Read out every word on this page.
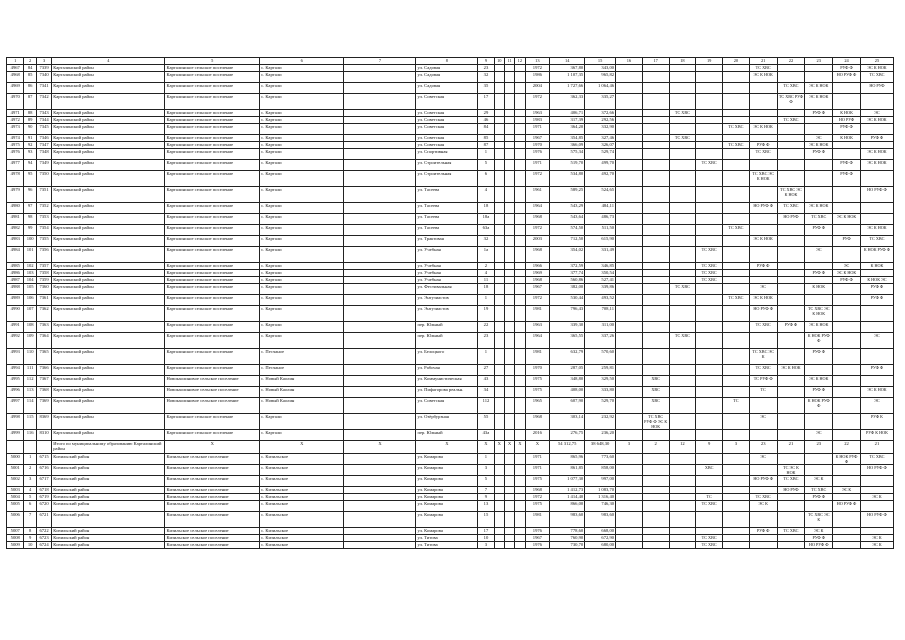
1	2	3	4	5	6	7	8	9	10	11	12	13	14	15	16	17	18	19	20	21	22	23	24	25
4967	84	7339	Карталинский район	Карталинское сельское поселение	с. Картали		ул. Садовая	23				1972	367,80	343,00						ТС ХВС			РУФ Ф	ЭС К НОК
4968	85	7340	Карталинский район	Карталинское сельское поселение	с. Картали		ул. Садовая	32				1986	1 107,35	965,82						ЭС К НОК			НО РУФ Ф	ТС ХВС
4969	86	7341	Карталинский район	Карталинское сельское поселение	с. Картали		ул. Садовая	35				2004	1 727,66	1 064,46							ТС ХВС	ЭС К НОК		НО РУФ
4970	87	7342	Карталинский район	Карталинское сельское поселение	с. Картали		ул. Советская	17				1972	362,33	335,27							ТС ХВС РУФ Ф	ЭС К НОК		
4971	88	7343	Карталинский район	Карталинское сельское поселение	с. Картали		ул. Советская	29				1963	406,71	372,66			ТС ХВС					РУФ Ф	К НОК	ЭС
4972	89	7344	Карталинский район	Карталинское сельское поселение	с. Картали		ул. Советская	46				1983	317,39	292,56							ТС ХВС		НО РУФ	ЭС К НОК
4973	90	7345	Карталинский район	Карталинское сельское поселение	с. Картали		ул. Советская	84				1971	364,20	332,90					ТС ХВС	ЭС К НОК			РУФ Ф	
4974	91	7346	Карталинский район	Карталинское сельское поселение	с. Картали		ул. Советская	85				1967	354,85	327,46			ТС ХВС					ЭС	К НОК	РУФ Ф
4975	92	7347	Карталинский район	Карталинское сельское поселение	с. Картали		ул. Советская	87				1970	366,09	326,07					ТС ХВС	РУФ Ф		ЭС К НОК		
4976	93	7348	Карталинский район	Карталинское сельское поселение	с. Картали		ул. Спортивная	1				1976	575,34	529,74						ТС ХВС		РУФ Ф		ЭС К НОК
4977	94	7349	Карталинский район	Карталинское сельское поселение	с. Картали		ул. Строительная	5				1971	519,70	499,70				ТС ХВС					РУФ Ф	ЭС К НОК
4978	95	7350	Карталинский район	Карталинское сельское поселение	с. Картали		ул. Строительная	6				1972	534,80	492,70						ТС ХВС ЭС К НОК			РУФ Ф	
4979	96	7351	Карталинский район	Карталинское сельское поселение	с. Картали		ул. Тасеева	4				1961	589,25	524,65							ТС ХВС ЭС К НОК			НО РУФ Ф
4980	97	7352	Карталинский район	Карталинское сельское поселение	с. Картали		ул. Тасеева	18				1964	543,29	484,11						НО РУФ Ф	ТС ХВС	ЭС К НОК		
4981	98	7353	Карталинский район	Карталинское сельское поселение	с. Картали		ул. Тасеева	18а				1968	543,64	486,73							НО РУФ	ТС ХВС	ЭС К НОК	
4982	99	7354	Карталинский район	Карталинское сельское поселение	с. Картали		ул. Тасеева	63а				1972	574,50	511,50					ТС ХВС			РУФ Ф		ЭС К НОК
4983	100	7355	Карталинский район	Карталинское сельское поселение	с. Картали		ул. Трактовая	32				2003	712,50	615,90						ЭС К НОК			РУФ	ТС ХВС
4984	101	7356	Карталинский район	Карталинское сельское поселение	с. Картали		ул. Учебная	1а				1968	354,02	331,49				ТС ХВС				ЭС		К НОК РУФ Ф
4985	102	7357	Карталинский район	Карталинское сельское поселение	с. Картали		ул. Учебная	2				1966	372,59	346,85				ТС ХВС		РУФ Ф			ЭС	К НОК
4986	103	7358	Карталинский район	Карталинское сельское поселение	с. Картали		ул. Учебная	4				1969	377,74	350,54				ТС ХВС				РУФ Ф	ЭС К НОК	
4987	104	7359	Карталинский район	Карталинское сельское поселение	с. Картали		ул. Учебная	11				1968	560,86	527,41				ТС ХВС					РУФ Ф	К НОК ЭС
4988	105	7360	Карталинский район	Карталинское сельское поселение	с. Картали		ул. Фестивальная	18				1967	382,00	339,86			ТС ХВС			ЭС		К НОК		РУФ Ф
4989	106	7361	Карталинский район	Карталинское сельское поселение	с. Картали		ул. Энтузиастов	1				1972	530,44	493,52					ТС ХВС	ЭС К НОК				РУФ Ф
4990	107	7362	Карталинский район	Карталинское сельское поселение	с. Картали		ул. Энтузиастов	19				1981	796,43	708,11						НО РУФ Ф		ТС ХВС ЭС К НОК		
4991	108	7363	Карталинский район	Карталинское сельское поселение	с. Картали		пер. Южный	22				1963	339,30	311,00						ТС ХВС	РУФ Ф	ЭС К НОК		
4992	109	7364	Карталинский район	Карталинское сельское поселение	с. Картали		пер. Южный	23				1964	365,55	337,26			ТС ХВС					К НОК РУФ Ф		ЭС
4993	110	7365	Карталинский район	Карталинское сельское поселение	с. Песчаное		ул. Белоцкого	1				1981	632,79	570,60						ТС ХВС ЭС К		РУФ Ф		
4994	111	7366	Карталинский район	Карталинское сельское поселение	с. Песчаное		ул. Рабочая	27				1970	287,05	259,81						ТС ХВС	ЭС К НОК			РУФ Ф
4995	112	7367	Карталинский район	Новокаолиновое сельское поселение	с. Новый Каолин		ул. Коммунистическая	43				1975	348,80	329,50		ХВС				ТС РУФ Ф		ЭС К НОК		
4996	113	7368	Карталинский район	Новокаолиновое сельское поселение	с. Новый Каолин		ул. Пифагорова реальн.	34				1975	408,00	333,80		ХВС				ТС		РУФ Ф		ЭС К НОК
4997	114	7369	Карталинский район	Новокаолиновое сельское поселение	с. Новый Каолин		ул. Советская	112				1965	607,90	529,70		ХВС			ТС			К НОК РУФ Ф		ЭС
4998	115	8369	Карталинский район	Карталинское сельское поселение	с. Картали		ул. Озёрбурзная	55				1968	303,14	232,92		ТС ХВС РУФ Ф ЭС К НОК				ЭС				РУФ К
4999	116	8310	Карталинский район	Карталинское сельское поселение	с. Картали		пер. Южный	43а				2016	276,75	236,20								ЭС		РУФ К НОК
			Итого по муниципальному образованию Карталинский район	X	X	X	X	X	X	X	X	X	54 312,75	38 648,30	3	2	12	9	3	23	21	23	22	21
5000	1	6715	Кизильский район	Кизильское сельское поселение	с. Кизильское		ул. Комарова	1				1971	865,96	773,60						ЭС			К НОК РУФ Ф	ТС ХВС
5001	2	6716	Кизильский район	Кизильское сельское поселение	с. Кизильское		ул. Комарова	3				1971	861,85	858,00				ХВС			ТС ЭС К НОК			НО РУФ Ф
5002	3	6717	Кизильский район	Кизильское сельское поселение	с. Кизильское		ул. Комарова	5				1975	1 077,30	997,00						НО РУФ Ф	ТС ХВС	ЭС К		
5003	4	6718	Кизильский район	Кизильское сельское поселение	с. Кизильское		ул. Комарова	7				1968	1 412,73	1 083,70							НО РУФ	ТС ХВС	ЭС К	
5004	5	6719	Кизильский район	Кизильское сельское поселение	с. Кизильское		ул. Комарова	9				1972	1 414,40	1 316,40				ТС		ТС ХВС		РУФ Ф		ЭС К
5005	6	6720	Кизильский район	Кизильское сельское поселение	с. Кизильское		ул. Комарова	13				1975	866,00	746,30				ТС ХВС		ЭС К			НО РУФ Ф	
5006	7	6721	Кизильский район	Кизильское сельское поселение	с. Кизильское		ул. Комарова	15				1981	983,60	983,60								ТС ХВС ЭС К		НО РУФ Ф
5007	8	6722	Кизильский район	Кизильское сельское поселение	с. Кизильское		ул. Комарова	17				1976	778,60	668,00						РУФ Ф	ТС ХВС	ЭС К		
5008	9	6723	Кизильский район	Кизильское сельское поселение	с. Кизильское		ул. Титова	10				1967	760,90	672,90				ТС ХВС				РУФ Ф		ЭС К
5009	10	6724	Кизильский район	Кизильское сельское поселение	с. Кизильское		ул. Титова	3				1976	730,70	680,00				ТС ХВС				НО РУФ Ф		ЭС К
